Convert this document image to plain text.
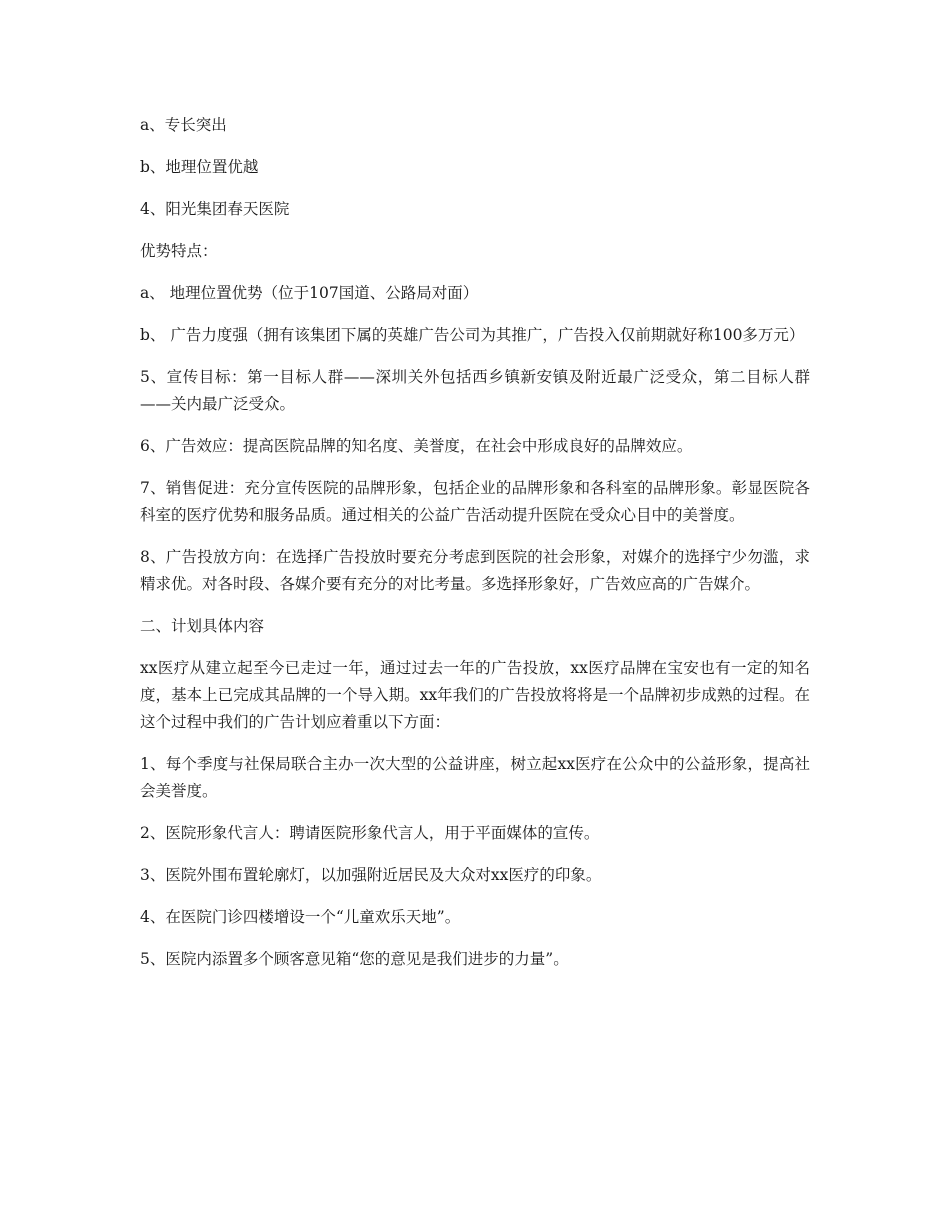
a、专长突出

b、地理位置优越

4、阳光集团春天医院

优势特点：

a、 地理位置优势（位于107国道、公路局对面）

b、 广告力度强（拥有该集团下属的英雄广告公司为其推广，广告投入仅前期就好称100多万元）

5、宣传目标：第一目标人群——深圳关外包括西乡镇新安镇及附近最广泛受众，第二目标人群——关内最广泛受众。

6、广告效应：提高医院品牌的知名度、美誉度，在社会中形成良好的品牌效应。

7、销售促进：充分宣传医院的品牌形象，包括企业的品牌形象和各科室的品牌形象。彰显医院各科室的医疗优势和服务品质。通过相关的公益广告活动提升医院在受众心目中的美誉度。

8、广告投放方向：在选择广告投放时要充分考虑到医院的社会形象，对媒介的选择宁少勿滥，求精求优。对各时段、各媒介要有充分的对比考量。多选择形象好，广告效应高的广告媒介。

二、计划具体内容

xx医疗从建立起至今已走过一年，通过过去一年的广告投放，xx医疗品牌在宝安也有一定的知名度，基本上已完成其品牌的一个导入期。xx年我们的广告投放将将是一个品牌初步成熟的过程。在这个过程中我们的广告计划应着重以下方面：

1、每个季度与社保局联合主办一次大型的公益讲座，树立起xx医疗在公众中的公益形象，提高社会美誉度。

2、医院形象代言人：聘请医院形象代言人，用于平面媒体的宣传。

3、医院外围布置轮廓灯，以加强附近居民及大众对xx医疗的印象。

4、在医院门诊四楼增设一个“儿童欢乐天地”。

5、医院内添置多个顾客意见箱“您的意见是我们进步的力量”。
